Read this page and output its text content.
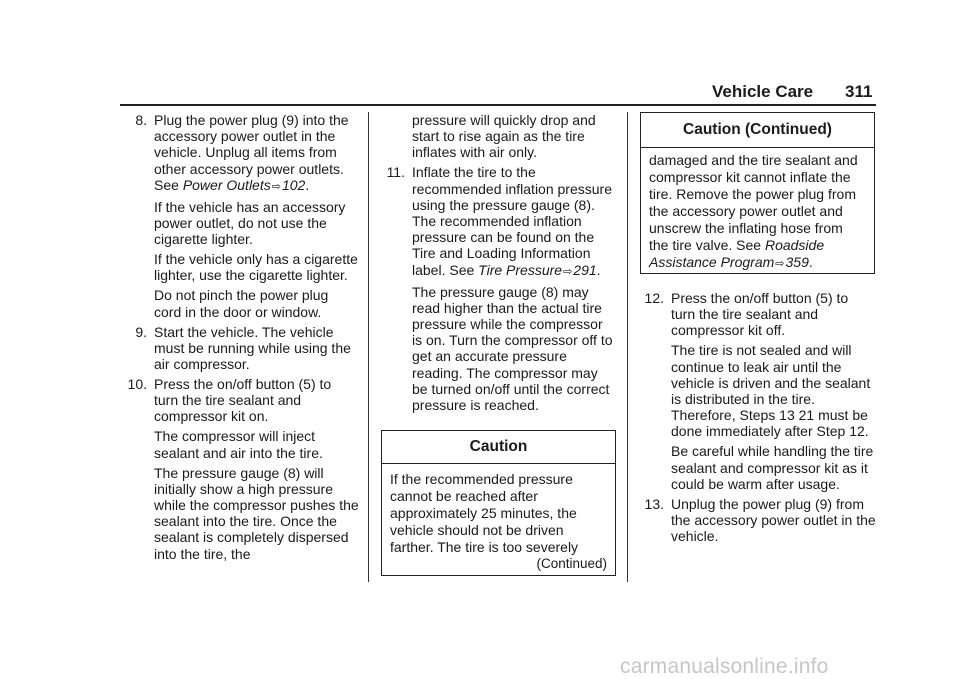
Vehicle Care 311

8. Plug the power plug (9) into the accessory power outlet in the vehicle. Unplug all items from other accessory power outlets. See Power Outlets⇨102.

If the vehicle has an accessory power outlet, do not use the cigarette lighter.

If the vehicle only has a cigarette lighter, use the cigarette lighter.

Do not pinch the power plug cord in the door or window.

9. Start the vehicle. The vehicle must be running while using the air compressor.

10. Press the on/off button (5) to turn the tire sealant and compressor kit on.

The compressor will inject sealant and air into the tire.

The pressure gauge (8) will initially show a high pressure while the compressor pushes the sealant into the tire. Once the sealant is completely dispersed into the tire, the

pressure will quickly drop and start to rise again as the tire inflates with air only.

11. Inflate the tire to the recommended inflation pressure using the pressure gauge (8). The recommended inflation pressure can be found on the Tire and Loading Information label. See Tire Pressure⇨291.

The pressure gauge (8) may read higher than the actual tire pressure while the compressor is on. Turn the compressor off to get an accurate pressure reading. The compressor may be turned on/off until the correct pressure is reached.

Caution
If the recommended pressure cannot be reached after approximately 25 minutes, the vehicle should not be driven farther. The tire is too severely
(Continued)
Caution (Continued)
damaged and the tire sealant and compressor kit cannot inflate the tire. Remove the power plug from the accessory power outlet and unscrew the inflating hose from the tire valve. See Roadside Assistance Program⇨359.

12. Press the on/off button (5) to turn the tire sealant and compressor kit off.

The tire is not sealed and will continue to leak air until the vehicle is driven and the sealant is distributed in the tire. Therefore, Steps 13 21 must be done immediately after Step 12.

Be careful while handling the tire sealant and compressor kit as it could be warm after usage.

13. Unplug the power plug (9) from the accessory power outlet in the vehicle.

carmanualsonline.info
